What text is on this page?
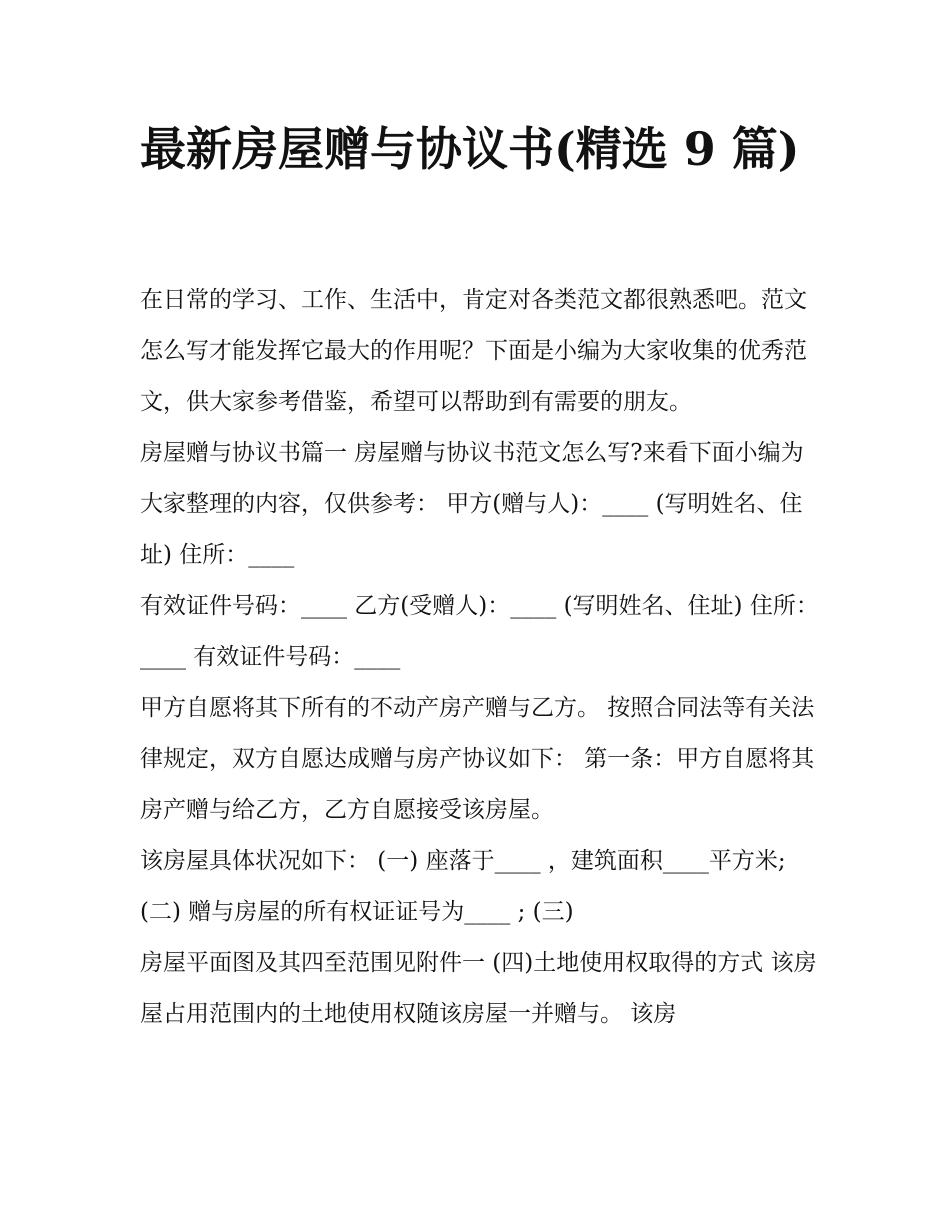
最新房屋赠与协议书(精选 9 篇)

在日常的学习、工作、生活中，肯定对各类范文都很熟悉吧。范文怎么写才能发挥它最大的作用呢？下面是小编为大家收集的优秀范文，供大家参考借鉴，希望可以帮助到有需要的朋友。

房屋赠与协议书篇一 房屋赠与协议书范文怎么写?来看下面小编为大家整理的内容，仅供参考： 甲方(赠与人)：____ (写明姓名、住址) 住所：____

有效证件号码：____ 乙方(受赠人)：____ (写明姓名、住址) 住所：____ 有效证件号码：____

甲方自愿将其下所有的不动产房产赠与乙方。 按照合同法等有关法律规定，双方自愿达成赠与房产协议如下： 第一条：甲方自愿将其房产赠与给乙方，乙方自愿接受该房屋。

该房屋具体状况如下： (一) 座落于____ ，建筑面积____平方米; (二) 赠与房屋的所有权证证号为____ ; (三)

房屋平面图及其四至范围见附件一 (四)土地使用权取得的方式 该房屋占用范围内的土地使用权随该房屋一并赠与。 该房
